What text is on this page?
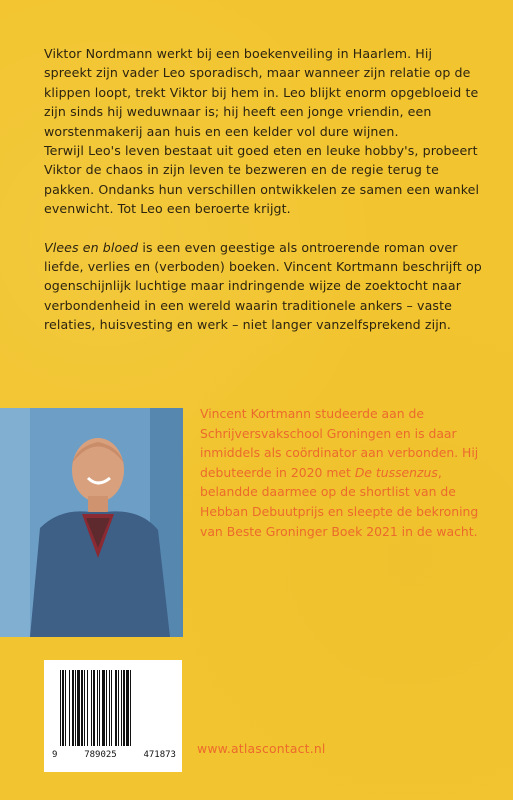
Viktor Nordmann werkt bij een boekenveiling in Haarlem. Hij spreekt zijn vader Leo sporadisch, maar wanneer zijn relatie op de klippen loopt, trekt Viktor bij hem in. Leo blijkt enorm opgebloeid te zijn sinds hij weduwnaar is; hij heeft een jonge vriendin, een worstenmakerij aan huis en een kelder vol dure wijnen.

Terwijl Leo's leven bestaat uit goed eten en leuke hobby's, probeert Viktor de chaos in zijn leven te bezweren en de regie terug te pakken. Ondanks hun verschillen ontwikkelen ze samen een wankel evenwicht. Tot Leo een beroerte krijgt.

Vlees en bloed is een even geestige als ontroerende roman over liefde, verlies en (verboden) boeken. Vincent Kortmann beschrijft op ogenschijnlijk luchtige maar indringende wijze de zoektocht naar verbondenheid in een wereld waarin traditionele ankers – vaste relaties, huisvesting en werk – niet langer vanzelfsprekend zijn.

Vincent Kortmann studeerde aan de Schrijversvakschool Groningen en is daar inmiddels als coördinator aan verbonden. Hij debuteerde in 2020 met De tussenzus, belandde daarmee op de shortlist van de Hebban Debuutprijs en sleepte de bekroning van Beste Groninger Boek 2021 in de wacht.
9	789025	471873 www.atlascontact.nl
